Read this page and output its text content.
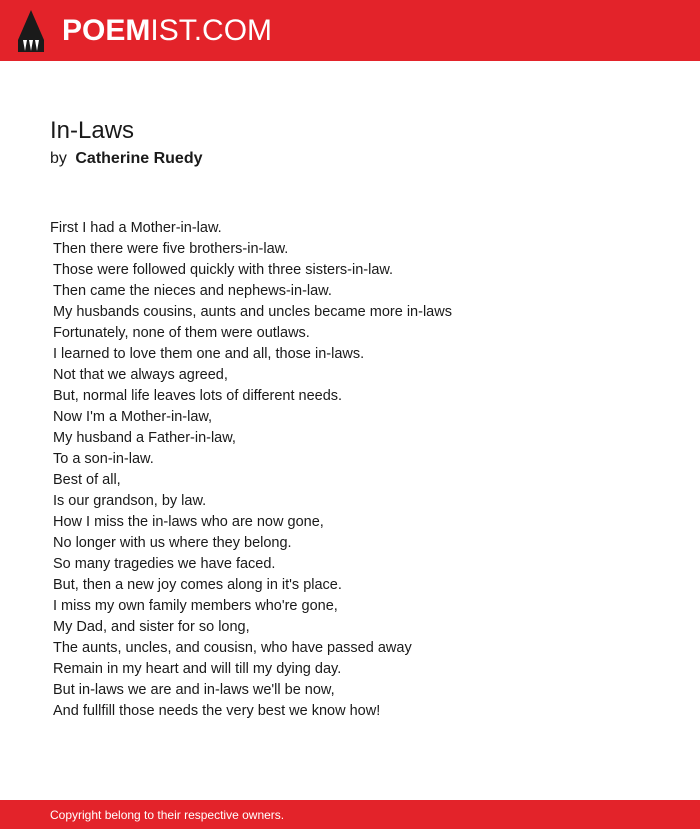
POEMIST.COM
In-Laws
by Catherine Ruedy
First I had a Mother-in-law.
Then there were five brothers-in-law.
Those were followed quickly with three sisters-in-law.
Then came the nieces and nephews-in-law.
My husbands cousins, aunts and uncles became more in-laws
Fortunately, none of them were outlaws.
I learned to love them one and all, those in-laws.
Not that we always agreed,
But, normal life leaves lots of different needs.
Now I'm a Mother-in-law,
My husband a Father-in-law,
To a son-in-law.
Best of all,
Is our grandson, by law.
How I miss the in-laws who are now gone,
No longer with us where they belong.
So many tragedies we have faced.
But, then a new joy comes along in it's place.
I miss my own family members who're gone,
My Dad, and sister for so long,
The aunts, uncles, and cousisn, who have passed away
Remain in my heart and will till my dying day.
But in-laws we are and in-laws we'll be now,
And fullfill those needs the very best we know how!
Copyright belong to their respective owners.
